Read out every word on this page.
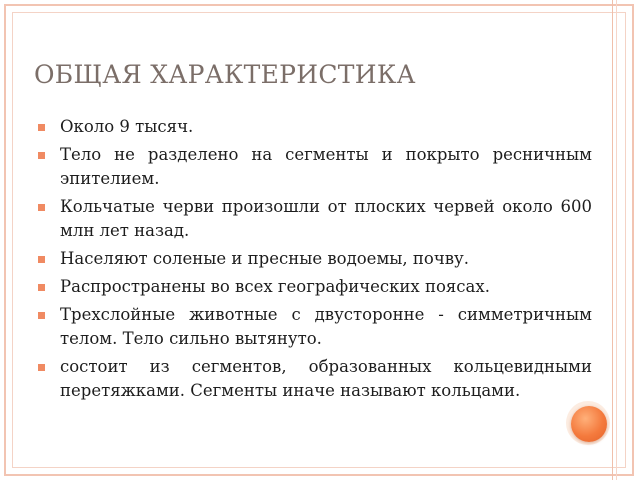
ОБЩАЯ ХАРАКТЕРИСТИКА
Около 9 тысяч.
Тело не разделено на сегменты и покрыто ресничным эпителием.
Кольчатые черви произошли от плоских червей около 600 млн лет назад.
Населяют соленые и пресные водоемы, почву.
Распространены во всех географических поясах.
Трехслойные животные с двусторонне - симметричным телом. Тело сильно вытянуто.
состоит из сегментов, образованных кольцевидными перетяжками. Сегменты иначе называют кольцами.
